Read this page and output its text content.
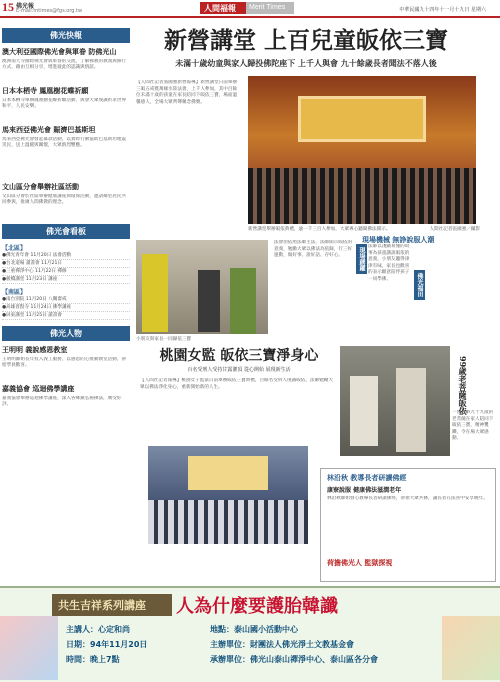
15 佛光報
E-mail:mtimes@fgs.org.tw	人間福報	Merit Times	中華民國九十四年十一月十九日 星期六
佛光快報
澳大利亞國際佛光會與軍眷 防佛光山
澳洲南天寺國際佛光會與軍眷的交流，了解佛教的教義與修行方式，藉由互相分享，增進彼此的認識與情誼。
日本本栖寺 鳳凰樹花蝶祈願
日本本栖寺舉辦鳳凰樹花蝶祈願活動，與會大眾虔誠祈求世界和平，人民安樂。
馬來西亞佛光會 賑濟巴基斯坦
馬來西亞佛光會發起募款活動，以實際行動協助巴基斯坦地震災民，送上溫暖與關懷，大眾熱烈響應。
文山區分會舉辦社區活動
文山區分會於社區舉辦健康講座與環保活動，邀請鄰里居民共同參與，推廣人間佛教的理念。
佛光會看板
【北區】
●佛光青年會 11月20日 法會活動
●台北道場 讀書會 11月21日
●三重禪淨中心 11月22日 禪修
●板橋講堂 11月23日 講座
【南區】
●南台別院 11月20日 八關齋戒
●高雄普賢寺 11月24日 佛學講座
●屏東講堂 11月25日 讀書會
佛光人物
王明明 義說感恩教室
王明明師姐長年投入義工服務，以感恩的心推動教室活動，帶給學員歡喜。
嘉義協會 巡迴佛學講座
嘉義協會舉辦巡迴佛學講座，深入各鄉鎮弘揚佛法，廣受好評。
新營講堂 上百兒童皈依三寶
未滿十歲幼童與家人歸投佛陀座下 上千人與會 九十餘歲長者聞法不落人後
【人間社記者張國強新營報導】新營講堂日前舉辦三皈五戒暨萬緣水陸法會，上千人參加，其中百餘位未滿十歲的孩童在家長陪同下皈依三寶，場面溫馨感人，全場大眾齊聲稱念佛號。
新營講堂舉辦皈依典禮，逾一千三百人參加，大眾專心聽聞佛法開示。	人間社記者張國強／攝影
小朋友與家長一同歸依三寶
法會由依照法師主法，法師開示皈依的意義，勉勵大眾以佛法為依歸，行三好運動，做好事、說好話、存好心。	現場踴躍
佛光福田
現場機械 無諍說服人潮
法師以淺顯易懂的故事為孩童講說皈依的意義，小朋友聽得津津有味，家長也歡喜的表示願意陪伴孩子一同學佛。
桃園女監 皈依三寶淨身心
百名受刑人受持甘露灌頂 從心開始 展現新生活
【人間社記者報導】桃園女子監獄日前舉辦皈依三寶典禮，百餘名受刑人虔誠皈依，法師勉勵大眾以佛法淨化身心，重新開始新的人生。	99歲老菩薩皈依
一位高齡九十九歲的老菩薩在家人陪同下皈依三寶，精神矍鑠，令在場大眾感動。
林沿秋 教導長者研讀佛經
康寮說服 健康佛法滋潤老年
林沿秋師姐發心教導長者研讀佛經，帶領大眾共修，讓長者在法喜中安享晚年。
荷擔佛光人 監獄探視
共生吉祥系列講座	人為什麼要護胎韓讖
主講人：心定和尚	地點：泰山國小活動中心
日期：94年11月20日	主辦單位：財團法人佛光淨土文教基金會
時間：晚上7點	承辦單位：佛光山泰山禪淨中心、泰山區各分會
